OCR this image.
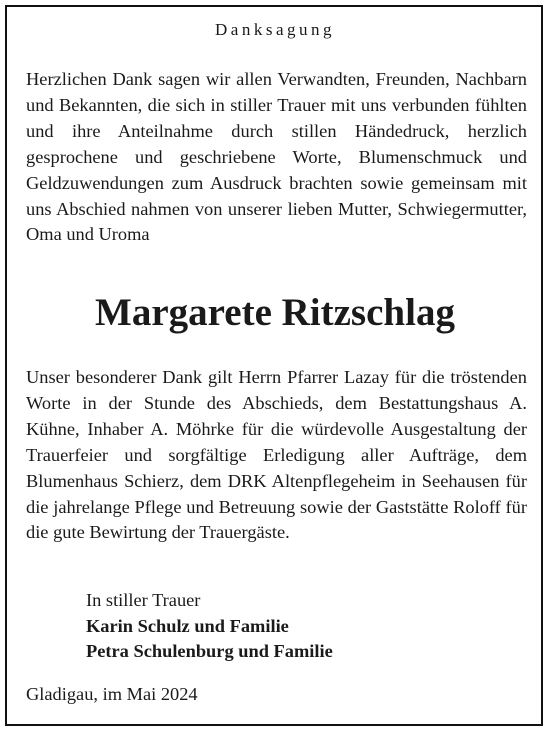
Danksagung
Herzlichen Dank sagen wir allen Verwandten, Freunden, Nachbarn und Bekannten, die sich in stiller Trauer mit uns verbunden fühlten und ihre Anteilnahme durch stillen Händedruck, herzlich gesprochene und geschriebene Worte, Blumenschmuck und Geldzuwendungen zum Ausdruck brachten sowie gemeinsam mit uns Abschied nahmen von unserer lieben Mutter, Schwiegermutter, Oma und Uroma
Margarete Ritzschlag
Unser besonderer Dank gilt Herrn Pfarrer Lazay für die tröstenden Worte in der Stunde des Abschieds, dem Bestattungshaus A. Kühne, Inhaber A. Möhrke für die würdevolle Ausgestaltung der Trauerfeier und sorgfältige Erledigung aller Aufträge, dem Blumenhaus Schierz, dem DRK Altenpflegeheim in Seehausen für die jahrelange Pflege und Betreuung sowie der Gaststätte Roloff für die gute Bewirtung der Trauergäste.
In stiller Trauer
Karin Schulz und Familie
Petra Schulenburg und Familie
Gladigau, im Mai 2024
